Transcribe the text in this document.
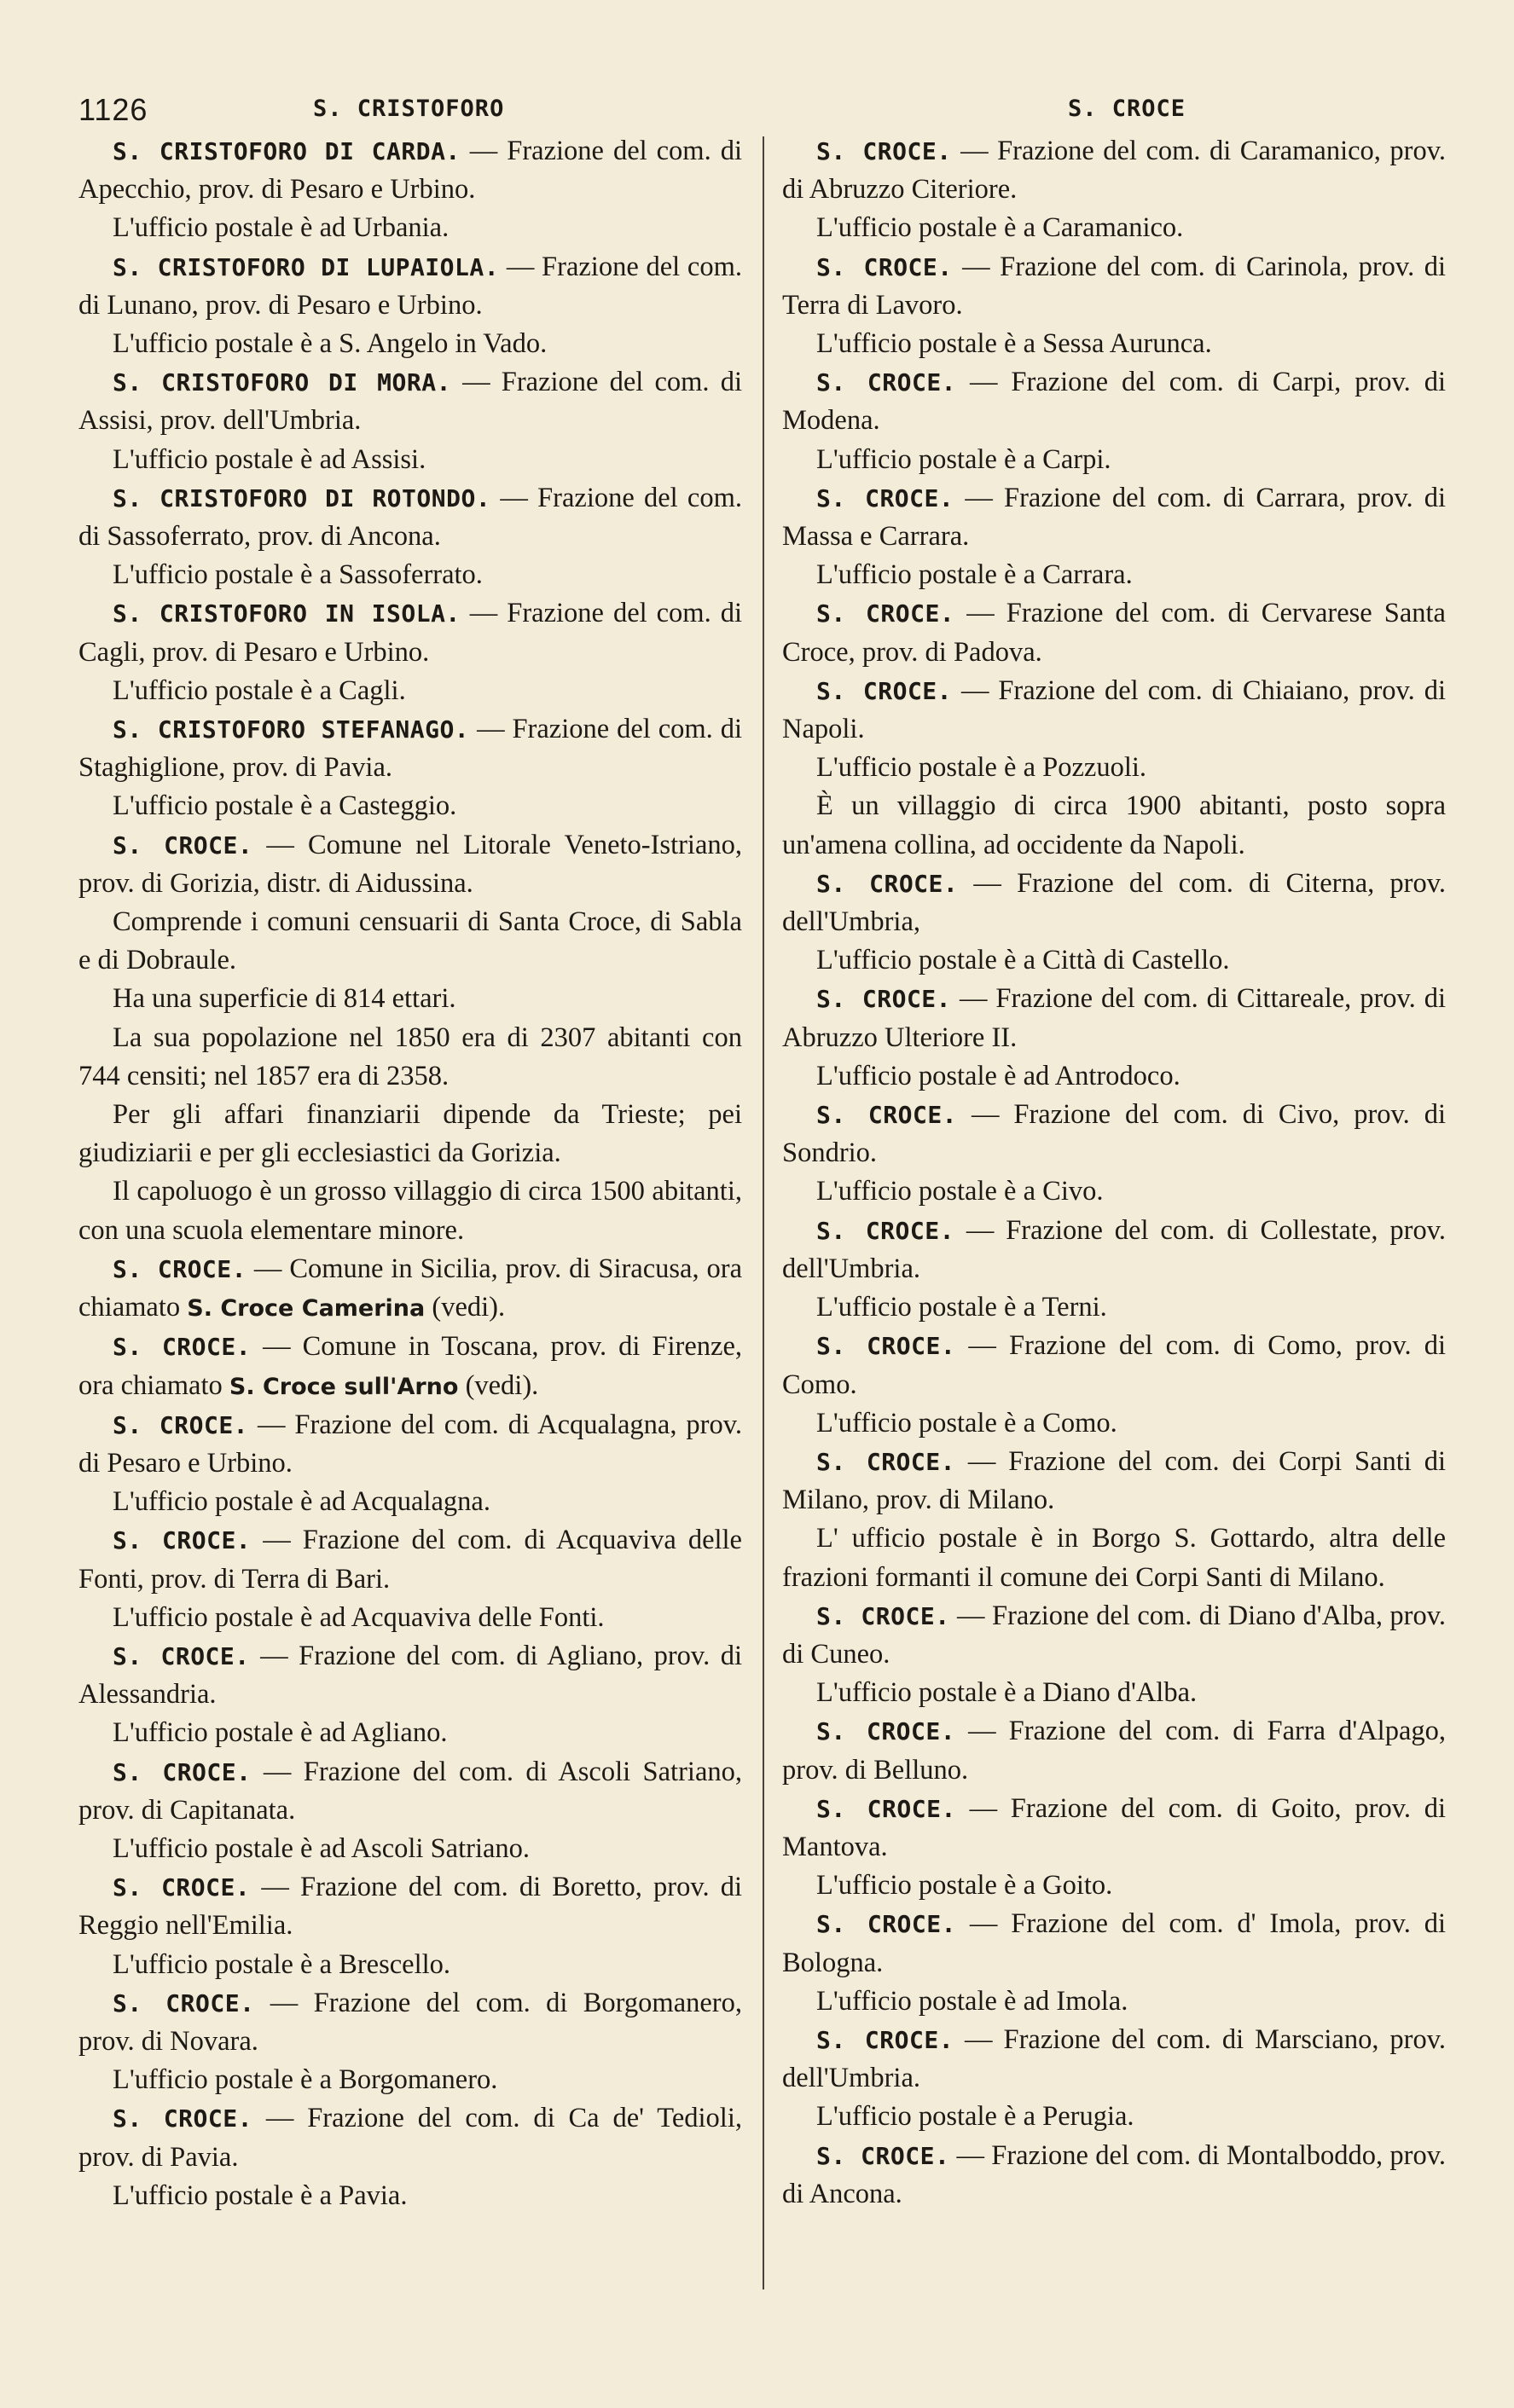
1126	S. CRISTOFORO	S. CROCE

S. CRISTOFORO DI CARDA. — Frazione del com. di Apecchio, prov. di Pesaro e Urbino.

L'ufficio postale è ad Urbania.

S. CRISTOFORO DI LUPAIOLA. — Frazione del com. di Lunano, prov. di Pesaro e Urbino.

L'ufficio postale è a S. Angelo in Vado.

S. CRISTOFORO DI MORA. — Frazione del com. di Assisi, prov. dell'Umbria.

L'ufficio postale è ad Assisi.

S. CRISTOFORO DI ROTONDO. — Frazione del com. di Sassoferrato, prov. di Ancona.

L'ufficio postale è a Sassoferrato.

S. CRISTOFORO IN ISOLA. — Frazione del com. di Cagli, prov. di Pesaro e Urbino.

L'ufficio postale è a Cagli.

S. CRISTOFORO STEFANAGO. — Frazione del com. di Staghiglione, prov. di Pavia.

L'ufficio postale è a Casteggio.

S. CROCE. — Comune nel Litorale Veneto-Istriano, prov. di Gorizia, distr. di Aidussina.

Comprende i comuni censuarii di Santa Croce, di Sabla e di Dobraule.

Ha una superficie di 814 ettari.

La sua popolazione nel 1850 era di 2307 abitanti con 744 censiti; nel 1857 era di 2358.

Per gli affari finanziarii dipende da Trieste; pei giudiziarii e per gli ecclesiastici da Gorizia.

Il capoluogo è un grosso villaggio di circa 1500 abitanti, con una scuola elementare minore.

S. CROCE. — Comune in Sicilia, prov. di Siracusa, ora chiamato S. Croce Camerina (vedi).

S. CROCE. — Comune in Toscana, prov. di Firenze, ora chiamato S. Croce sull'Arno (vedi).

S. CROCE. — Frazione del com. di Acqualagna, prov. di Pesaro e Urbino.

L'ufficio postale è ad Acqualagna.

S. CROCE. — Frazione del com. di Acquaviva delle Fonti, prov. di Terra di Bari.

L'ufficio postale è ad Acquaviva delle Fonti.

S. CROCE. — Frazione del com. di Agliano, prov. di Alessandria.

L'ufficio postale è ad Agliano.

S. CROCE. — Frazione del com. di Ascoli Satriano, prov. di Capitanata.

L'ufficio postale è ad Ascoli Satriano.

S. CROCE. — Frazione del com. di Boretto, prov. di Reggio nell'Emilia.

L'ufficio postale è a Brescello.

S. CROCE. — Frazione del com. di Borgomanero, prov. di Novara.

L'ufficio postale è a Borgomanero.

S. CROCE. — Frazione del com. di Ca de' Tedioli, prov. di Pavia.

L'ufficio postale è a Pavia.

S. CROCE. — Frazione del com. di Caramanico, prov. di Abruzzo Citeriore.

L'ufficio postale è a Caramanico.

S. CROCE. — Frazione del com. di Carinola, prov. di Terra di Lavoro.

L'ufficio postale è a Sessa Aurunca.

S. CROCE. — Frazione del com. di Carpi, prov. di Modena.

L'ufficio postale è a Carpi.

S. CROCE. — Frazione del com. di Carrara, prov. di Massa e Carrara.

L'ufficio postale è a Carrara.

S. CROCE. — Frazione del com. di Cervarese Santa Croce, prov. di Padova.

S. CROCE. — Frazione del com. di Chiaiano, prov. di Napoli.

L'ufficio postale è a Pozzuoli.

È un villaggio di circa 1900 abitanti, posto sopra un'amena collina, ad occidente da Napoli.

S. CROCE. — Frazione del com. di Citerna, prov. dell'Umbria,

L'ufficio postale è a Città di Castello.

S. CROCE. — Frazione del com. di Cittareale, prov. di Abruzzo Ulteriore II.

L'ufficio postale è ad Antrodoco.

S. CROCE. — Frazione del com. di Civo, prov. di Sondrio.

L'ufficio postale è a Civo.

S. CROCE. — Frazione del com. di Collestate, prov. dell'Umbria.

L'ufficio postale è a Terni.

S. CROCE. — Frazione del com. di Como, prov. di Como.

L'ufficio postale è a Como.

S. CROCE. — Frazione del com. dei Corpi Santi di Milano, prov. di Milano.

L' ufficio postale è in Borgo S. Gottardo, altra delle frazioni formanti il comune dei Corpi Santi di Milano.

S. CROCE. — Frazione del com. di Diano d'Alba, prov. di Cuneo.

L'ufficio postale è a Diano d'Alba.

S. CROCE. — Frazione del com. di Farra d'Alpago, prov. di Belluno.

S. CROCE. — Frazione del com. di Goito, prov. di Mantova.

L'ufficio postale è a Goito.

S. CROCE. — Frazione del com. d' Imola, prov. di Bologna.

L'ufficio postale è ad Imola.

S. CROCE. — Frazione del com. di Marsciano, prov. dell'Umbria.

L'ufficio postale è a Perugia.

S. CROCE. — Frazione del com. di Montalboddo, prov. di Ancona.
